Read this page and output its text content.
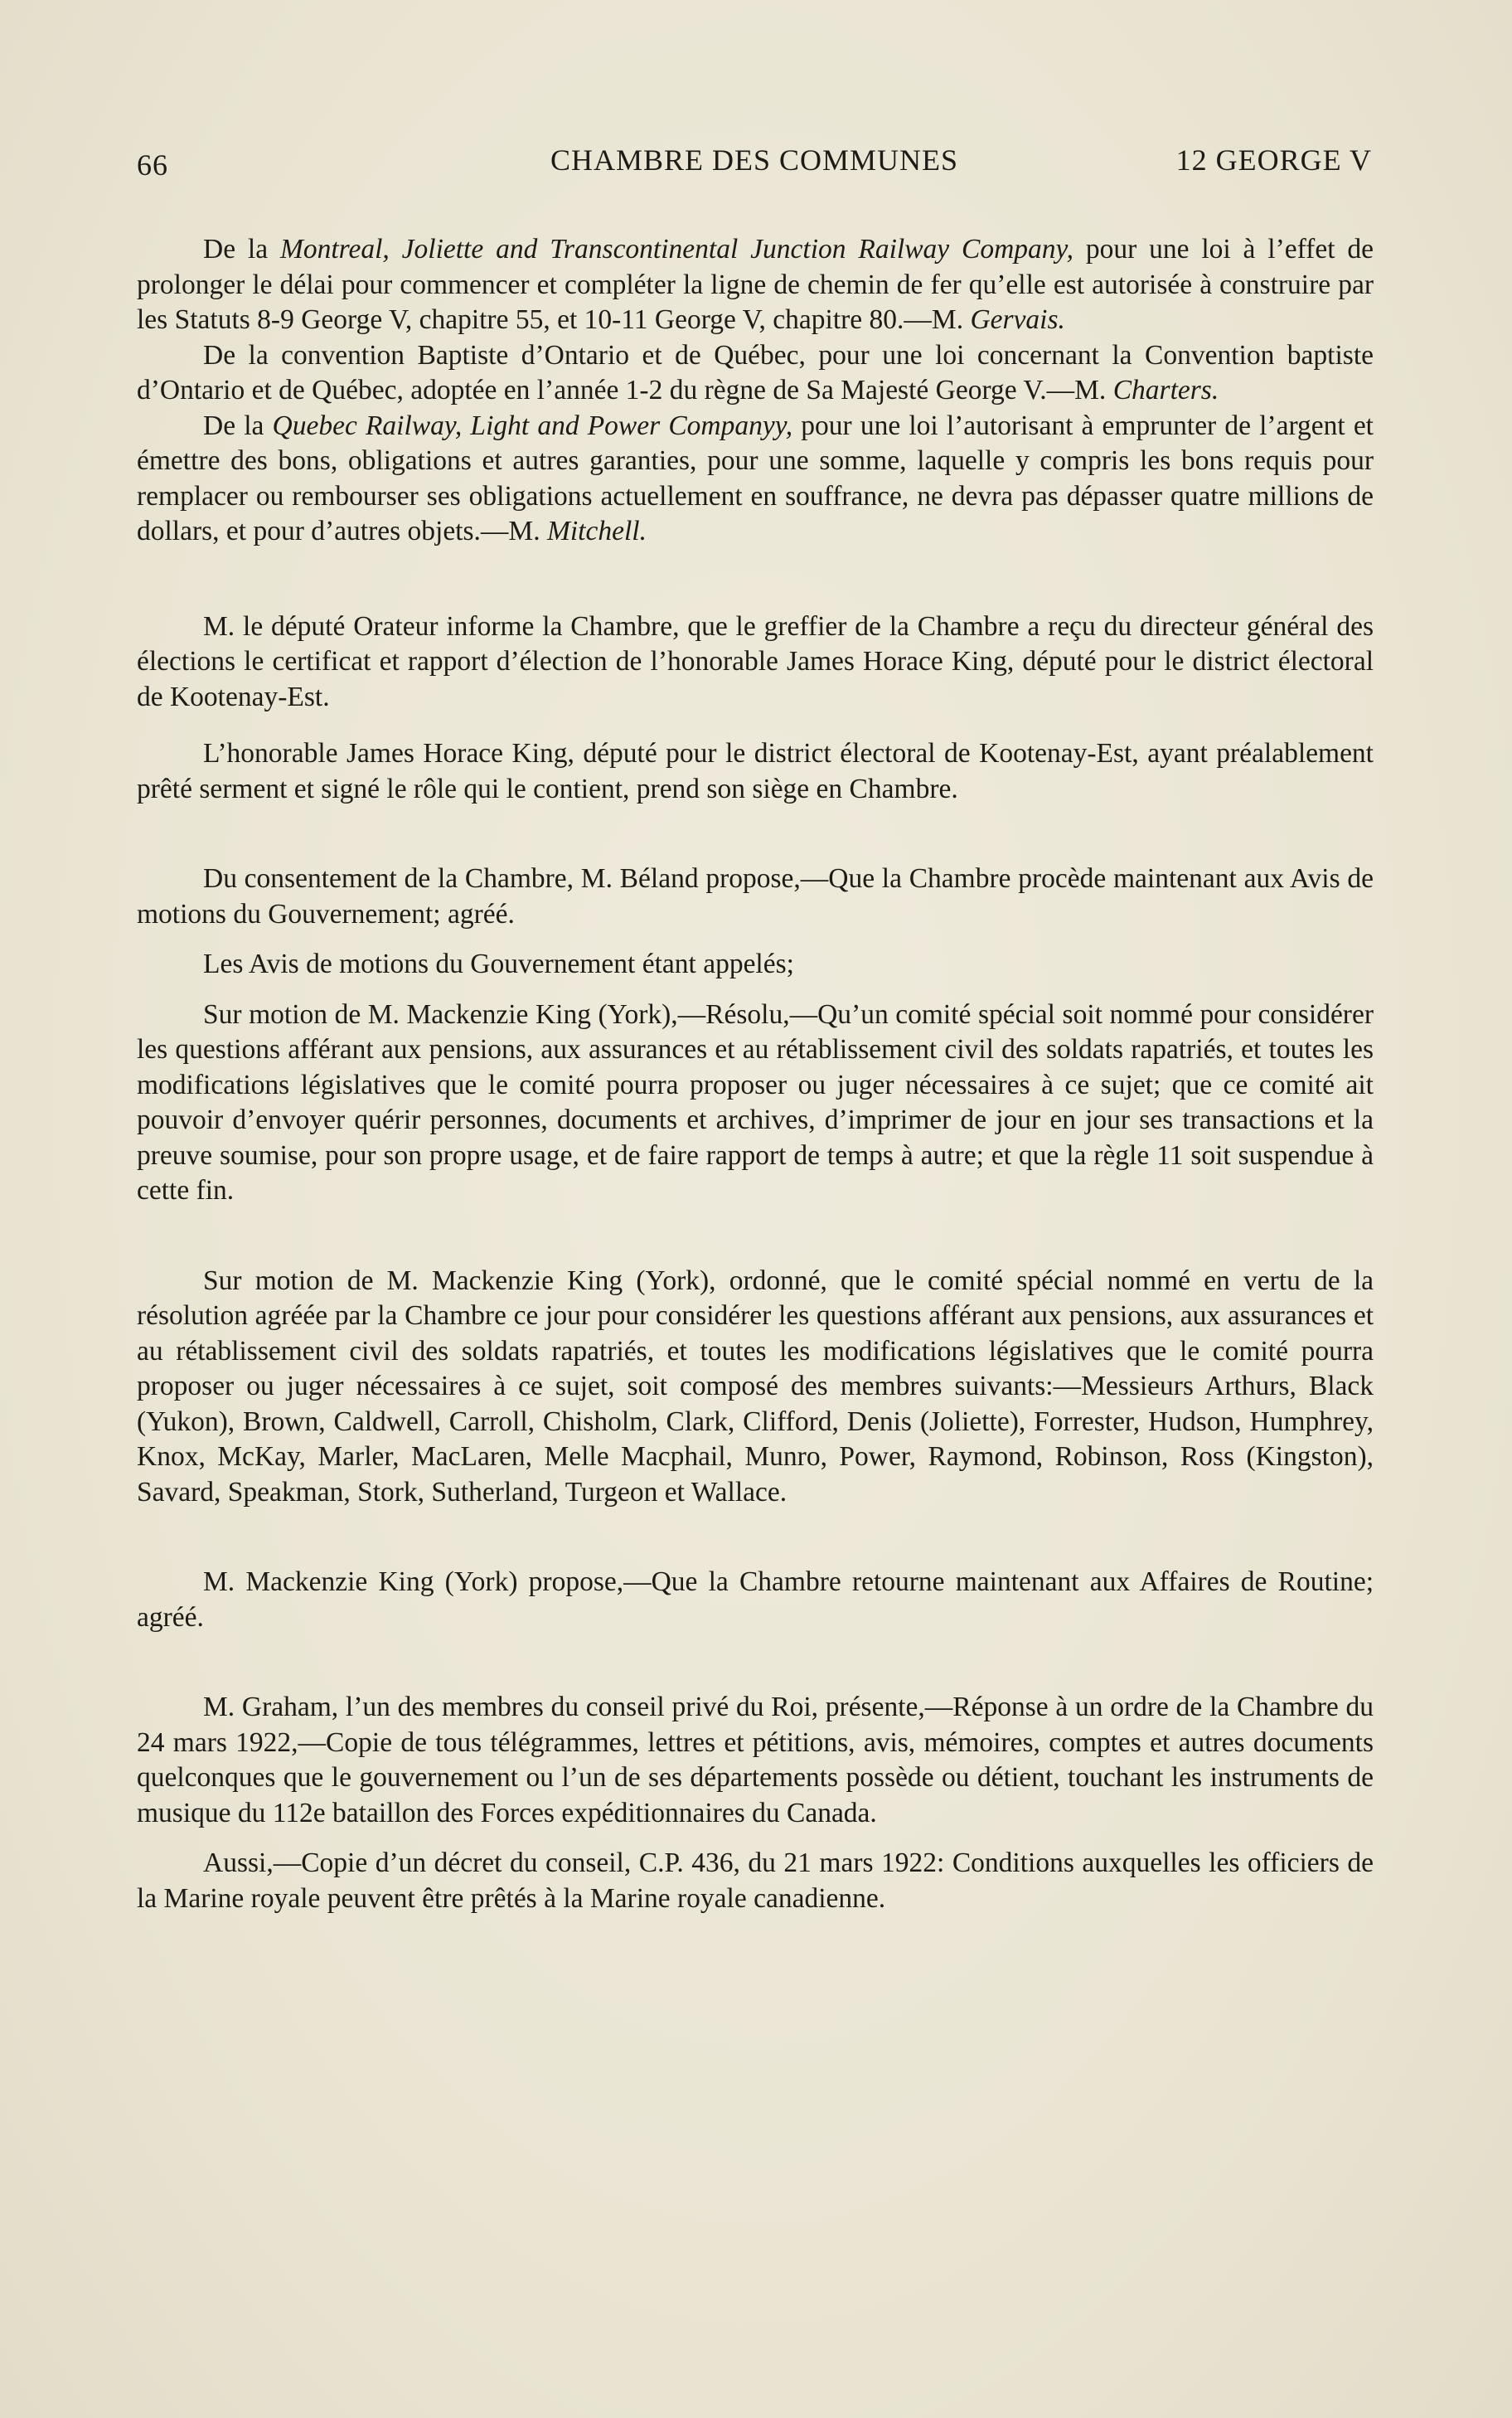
66	CHAMBRE DES COMMUNES	12 GEORGE V

De la Montreal, Joliette and Transcontinental Junction Railway Company, pour une loi à l’effet de prolonger le délai pour commencer et compléter la ligne de chemin de fer qu’elle est autorisée à construire par les Statuts 8-9 George V, chapitre 55, et 10-11 George V, chapitre 80.—M. Gervais.

De la convention Baptiste d’Ontario et de Québec, pour une loi concernant la Convention baptiste d’Ontario et de Québec, adoptée en l’année 1-2 du règne de Sa Majesté George V.—M. Charters.

De la Quebec Railway, Light and Power Companyy, pour une loi l’autorisant à emprunter de l’argent et émettre des bons, obligations et autres garanties, pour une somme, laquelle y compris les bons requis pour remplacer ou rembourser ses obligations actuellement en souffrance, ne devra pas dépasser quatre millions de dollars, et pour d’autres objets.—M. Mitchell.

M. le député Orateur informe la Chambre, que le greffier de la Chambre a reçu du directeur général des élections le certificat et rapport d’élection de l’honorable James Horace King, député pour le district électoral de Kootenay-Est.

L’honorable James Horace King, député pour le district électoral de Kootenay-Est, ayant préalablement prêté serment et signé le rôle qui le contient, prend son siège en Chambre.

Du consentement de la Chambre, M. Béland propose,—Que la Chambre procède maintenant aux Avis de motions du Gouvernement; agréé.

Les Avis de motions du Gouvernement étant appelés;

Sur motion de M. Mackenzie King (York),—Résolu,—Qu’un comité spécial soit nommé pour considérer les questions afférant aux pensions, aux assurances et au rétablissement civil des soldats rapatriés, et toutes les modifications législatives que le comité pourra proposer ou juger nécessaires à ce sujet; que ce comité ait pouvoir d’envoyer quérir personnes, documents et archives, d’imprimer de jour en jour ses transactions et la preuve soumise, pour son propre usage, et de faire rapport de temps à autre; et que la règle 11 soit suspendue à cette fin.

Sur motion de M. Mackenzie King (York), ordonné, que le comité spécial nommé en vertu de la résolution agréée par la Chambre ce jour pour considérer les questions afférant aux pensions, aux assurances et au rétablissement civil des soldats rapatriés, et toutes les modifications législatives que le comité pourra proposer ou juger nécessaires à ce sujet, soit composé des membres suivants:—Messieurs Arthurs, Black (Yukon), Brown, Caldwell, Carroll, Chisholm, Clark, Clifford, Denis (Joliette), Forrester, Hudson, Humphrey, Knox, McKay, Marler, MacLaren, Melle Macphail, Munro, Power, Raymond, Robinson, Ross (Kingston), Savard, Speakman, Stork, Sutherland, Turgeon et Wallace.

M. Mackenzie King (York) propose,—Que la Chambre retourne maintenant aux Affaires de Routine; agréé.

M. Graham, l’un des membres du conseil privé du Roi, présente,—Réponse à un ordre de la Chambre du 24 mars 1922,—Copie de tous télégrammes, lettres et pétitions, avis, mémoires, comptes et autres documents quelconques que le gouvernement ou l’un de ses départements possède ou détient, touchant les instruments de musique du 112e bataillon des Forces expéditionnaires du Canada.

Aussi,—Copie d’un décret du conseil, C.P. 436, du 21 mars 1922: Conditions auxquelles les officiers de la Marine royale peuvent être prêtés à la Marine royale canadienne.
